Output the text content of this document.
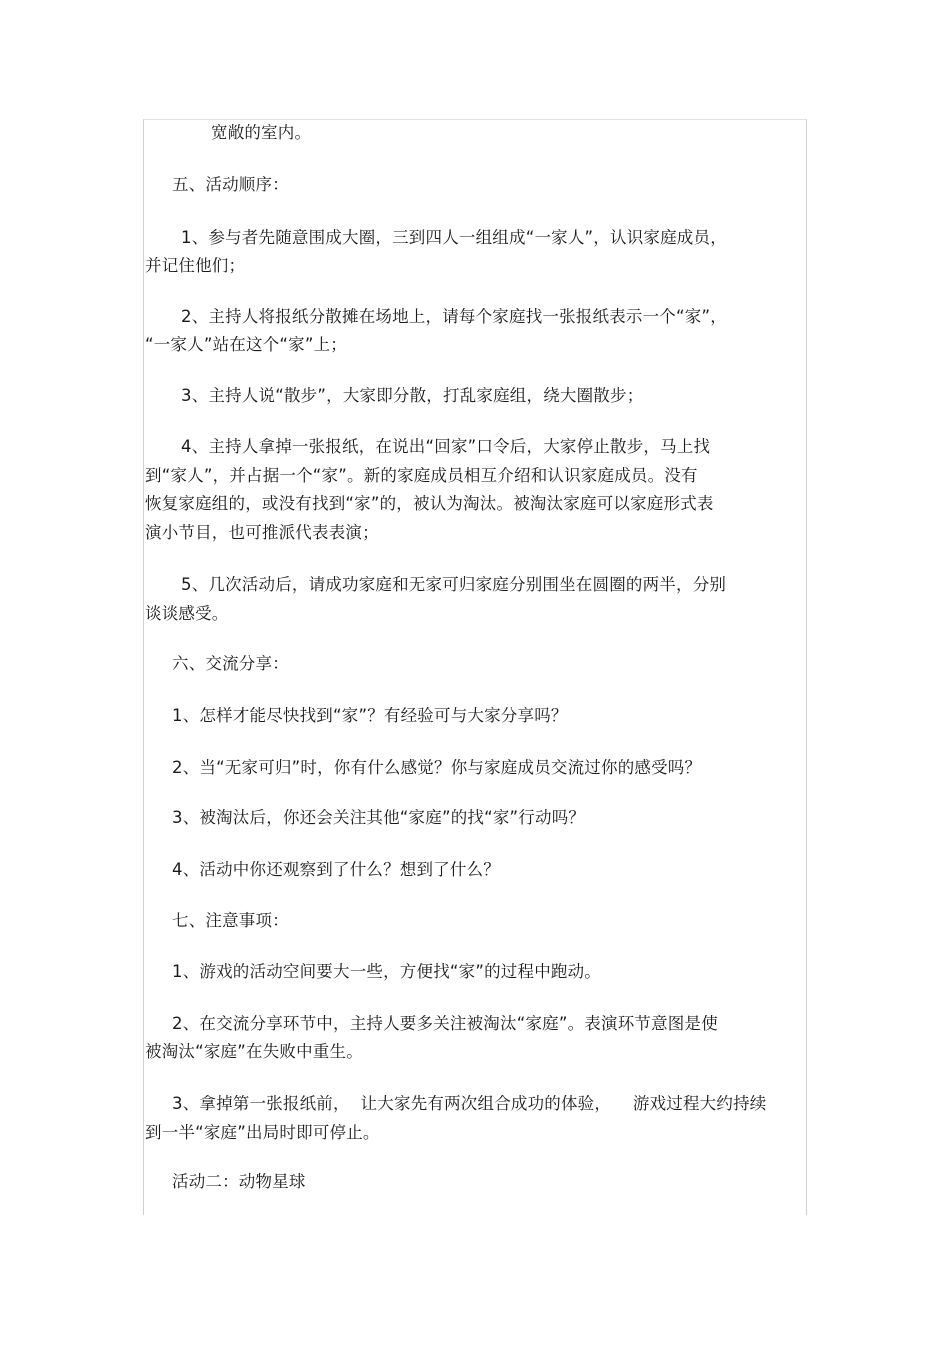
宽敞的室内。
五、活动顺序：
1、参与者先随意围成大圈，三到四人一组组成“一家人”，认识家庭成员，
并记住他们；
2、主持人将报纸分散摊在场地上，请每个家庭找一张报纸表示一个“家”，
“一家人”站在这个“家”上；
3、主持人说“散步”，大家即分散，打乱家庭组，绕大圈散步；
4、主持人拿掉一张报纸，在说出“回家”口令后，大家停止散步，马上找
到“家人”，并占据一个“家”。新的家庭成员相互介绍和认识家庭成员。没有
恢复家庭组的，或没有找到“家”的，被认为淘汰。被淘汰家庭可以家庭形式表
演小节目，也可推派代表表演；
5、几次活动后，请成功家庭和无家可归家庭分别围坐在圆圈的两半，分别
谈谈感受。
六、交流分享：
1、怎样才能尽快找到“家”？有经验可与大家分享吗？
2、当“无家可归”时，你有什么感觉？你与家庭成员交流过你的感受吗？
3、被淘汰后，你还会关注其他“家庭”的找“家”行动吗？
4、活动中你还观察到了什么？想到了什么？
七、注意事项：
1、游戏的活动空间要大一些，方便找“家”的过程中跑动。
2、在交流分享环节中，主持人要多关注被淘汰“家庭”。表演环节意图是使
被淘汰“家庭”在失败中重生。
3、拿掉第一张报纸前，  让大家先有两次组合成功的体验，    游戏过程大约持续
到一半“家庭”出局时即可停止。
活动二：动物星球
